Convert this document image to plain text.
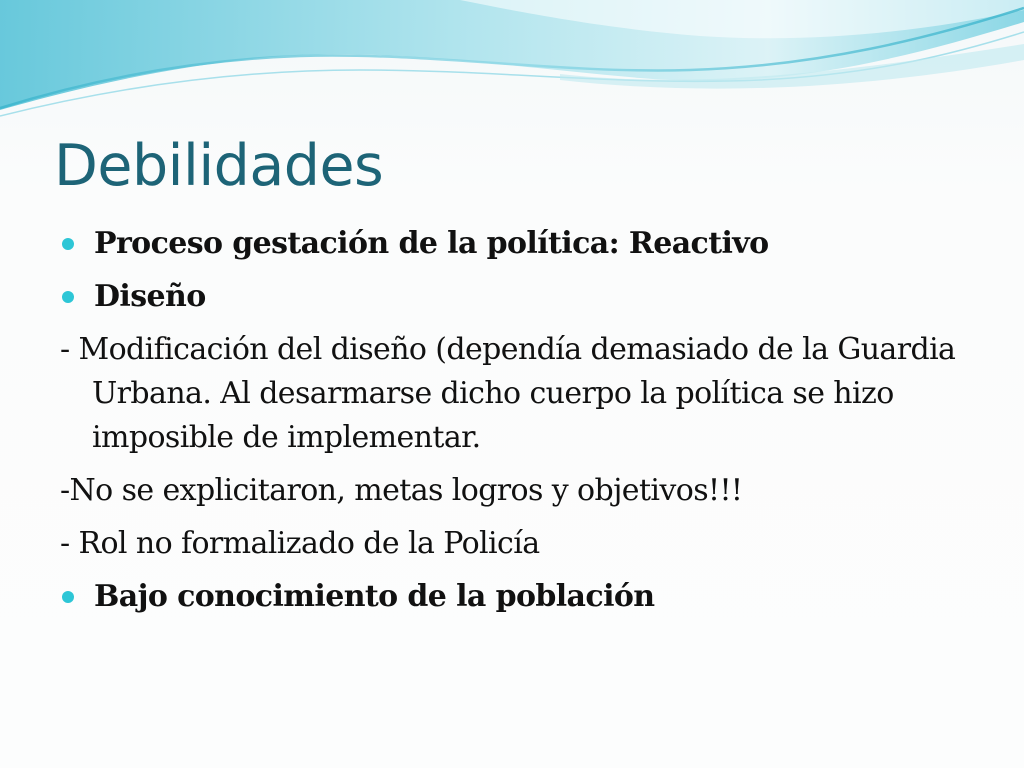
Debilidades
Proceso gestación de la política: Reactivo
Diseño
- Modificación del diseño (dependía demasiado de la Guardia Urbana. Al desarmarse dicho cuerpo la política se hizo imposible de implementar.
-No se explicitaron, metas logros y objetivos!!!
- Rol no formalizado de la Policía
Bajo conocimiento de la población
